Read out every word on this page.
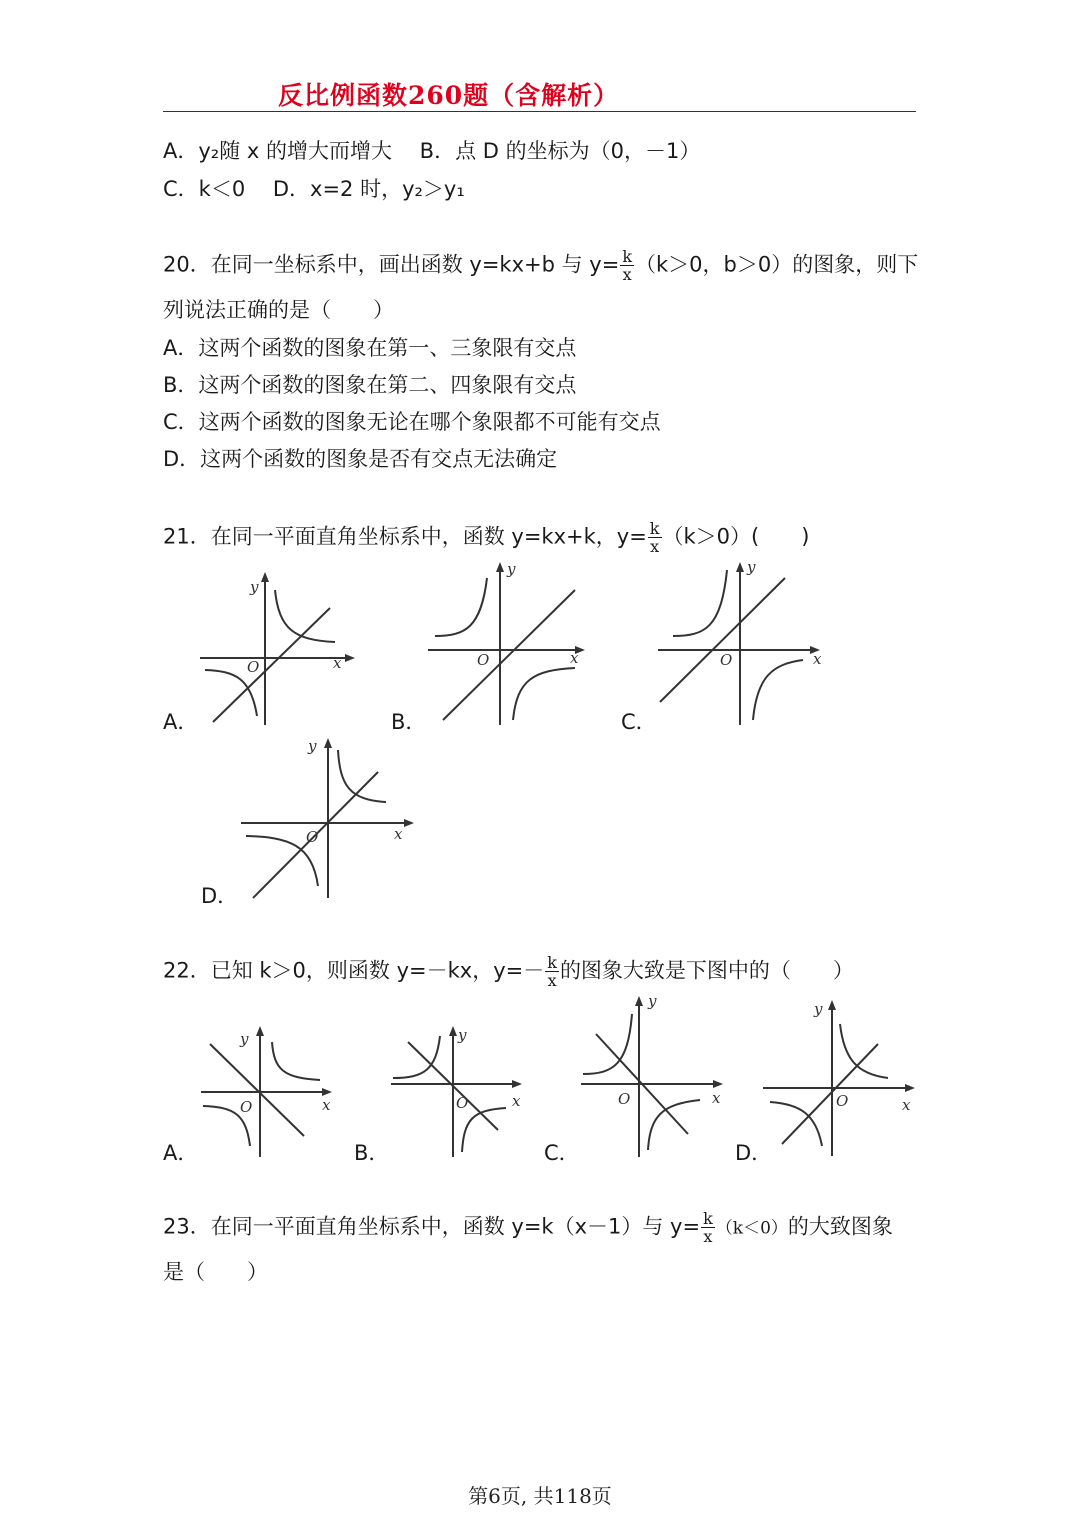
反比例函数260题（含解析）
A．y₂随 x 的增大而增大　 B．点 D 的坐标为（0，－1）
C．k＜0　 D．x=2 时，y₂＞y₁
20．在同一坐标系中，画出函数 y=kx+b 与 $y= \frac{k}{x} (k>0$，b＞0）的图象，则下
列说法正确的是（　　）
A．这两个函数的图象在第一、三象限有交点
B．这两个函数的图象在第二、四象限有交点
C．这两个函数的图象无论在哪个象限都不可能有交点
D．这两个函数的图象是否有交点无法确定
21．在同一平面直角坐标系中，函数 y=kx+k，$y= \frac{k}{x} (k>0)$(　　)
O	x
y
A．
O	x
y
B．
O	x
y
C．
O	x
y
D．
22．已知 k＞0，则函数 y=－kx，$y=- \frac{k}{x}$ 的图象大致是下图中的（　　）
O	x
y
A．
O	x
y
B．
O	x
y
C．
O	x
y
D．
23．在同一平面直角坐标系中，函数 y=k（x－1）与 $y= \frac{k}{x} (k<0)$的大致图象
是（　　）
第6页, 共118页
